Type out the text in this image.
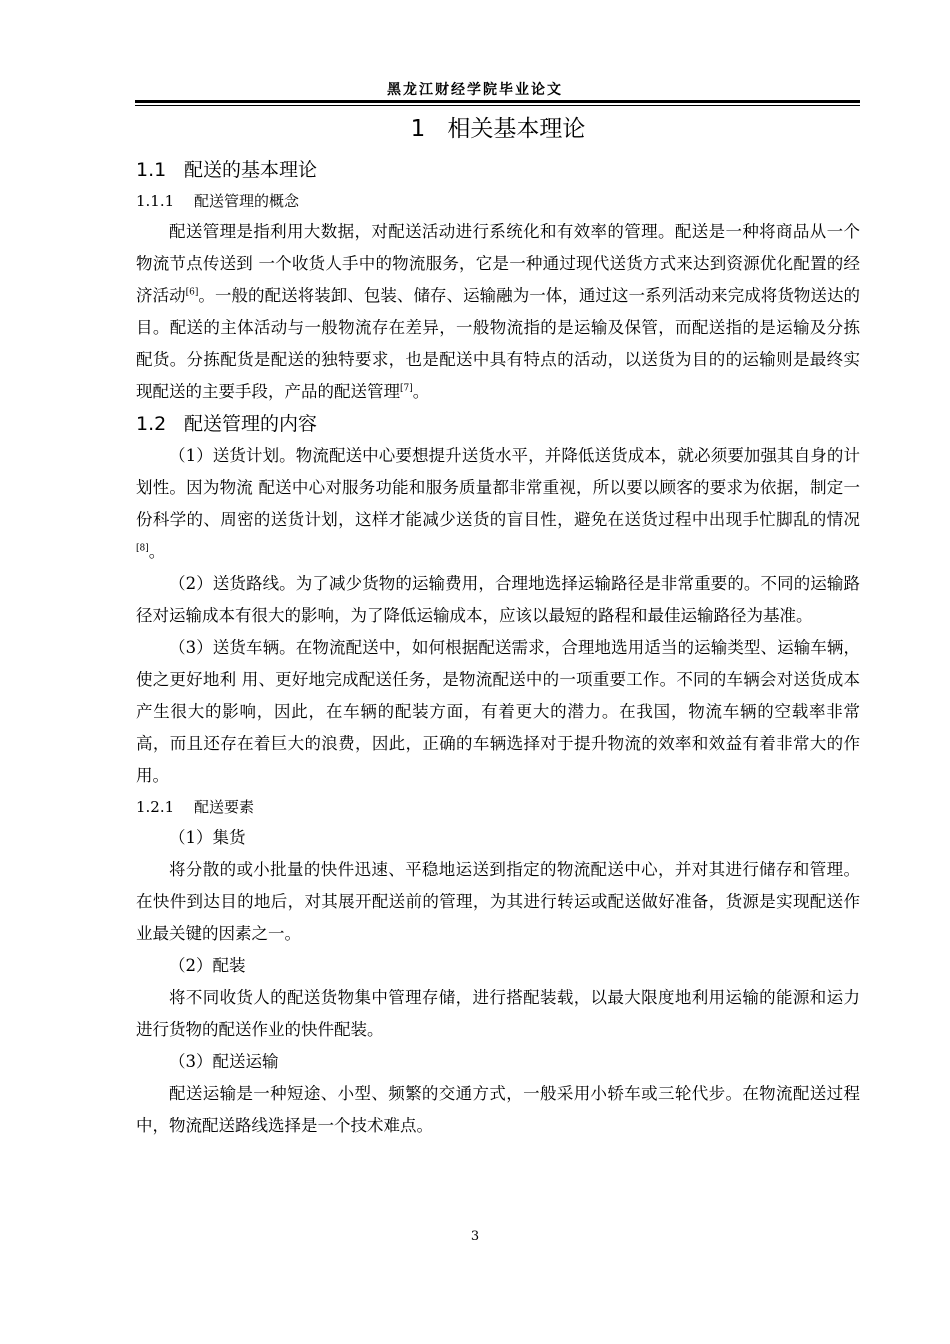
黑龙江财经学院毕业论文
1 相关基本理论
1.1 配送的基本理论
1.1.1 配送管理的概念

配送管理是指利用大数据，对配送活动进行系统化和有效率的管理。配送是一种将商品从一个物流节点传送到 一个收货人手中的物流服务，它是一种通过现代送货方式来达到资源优化配置的经济活动[6]。一般的配送将装卸、包装、储存、运输融为一体，通过这一系列活动来完成将货物送达的目。配送的主体活动与一般物流存在差异，一般物流指的是运输及保管，而配送指的是运输及分拣配货。分拣配货是配送的独特要求，也是配送中具有特点的活动，以送货为目的的运输则是最终实现配送的主要手段，产品的配送管理[7]。

1.2 配送管理的内容

（1）送货计划。物流配送中心要想提升送货水平，并降低送货成本，就必须要加强其自身的计划性。因为物流 配送中心对服务功能和服务质量都非常重视，所以要以顾客的要求为依据，制定一份科学的、周密的送货计划，这样才能减少送货的盲目性，避免在送货过程中出现手忙脚乱的情况[8]。

（2）送货路线。为了减少货物的运输费用，合理地选择运输路径是非常重要的。不同的运输路径对运输成本有很大的影响，为了降低运输成本，应该以最短的路程和最佳运输路径为基准。

（3）送货车辆。在物流配送中，如何根据配送需求，合理地选用适当的运输类型、运输车辆，使之更好地利 用、更好地完成配送任务，是物流配送中的一项重要工作。不同的车辆会对送货成本产生很大的影响，因此，在车辆的配装方面，有着更大的潜力。在我国，物流车辆的空载率非常高，而且还存在着巨大的浪费，因此，正确的车辆选择对于提升物流的效率和效益有着非常大的作用。

1.2.1 配送要素

（1）集货

将分散的或小批量的快件迅速、平稳地运送到指定的物流配送中心，并对其进行储存和管理。在快件到达目的地后，对其展开配送前的管理，为其进行转运或配送做好准备，货源是实现配送作业最关键的因素之一。

（2）配装

将不同收货人的配送货物集中管理存储，进行搭配装载，以最大限度地利用运输的能源和运力进行货物的配送作业的快件配装。

（3）配送运输

配送运输是一种短途、小型、频繁的交通方式，一般采用小轿车或三轮代步。在物流配送过程中，物流配送路线选择是一个技术难点。

3
